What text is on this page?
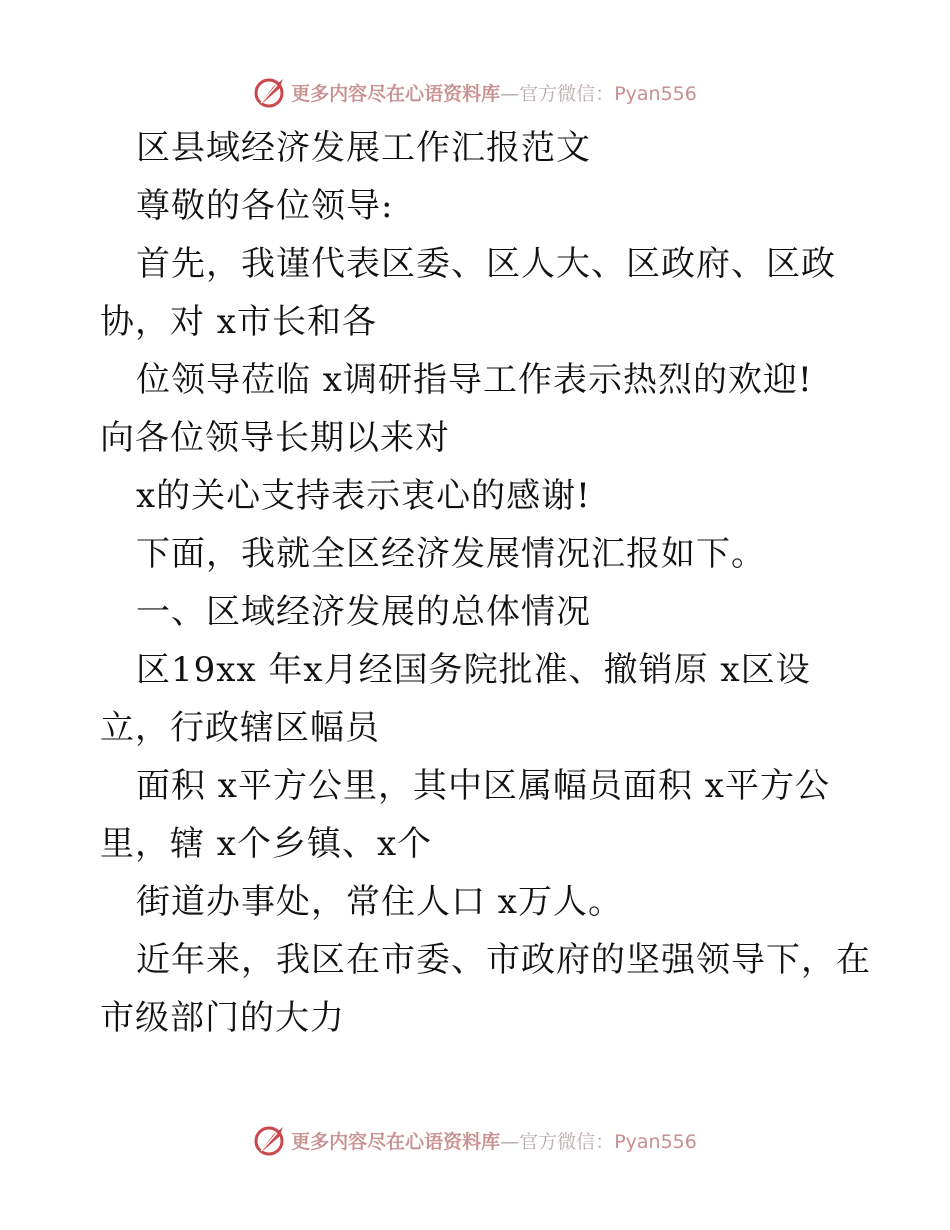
更多内容尽在心语资料库—官方微信：Pyan556
区县域经济发展工作汇报范文
尊敬的各位领导:
首先，我谨代表区委、区人大、区政府、区政
协，对 x市长和各
位领导莅临 x调研指导工作表示热烈的欢迎!
向各位领导长期以来对
x的关心支持表示衷心的感谢!
下面，我就全区经济发展情况汇报如下。
一、区域经济发展的总体情况
区19xx 年x月经国务院批准、撤销原 x区设
立，行政辖区幅员
面积 x平方公里，其中区属幅员面积 x平方公
里，辖 x个乡镇、x个
街道办事处，常住人口 x万人。
近年来，我区在市委、市政府的坚强领导下，在
市级部门的大力
更多内容尽在心语资料库—官方微信：Pyan556
